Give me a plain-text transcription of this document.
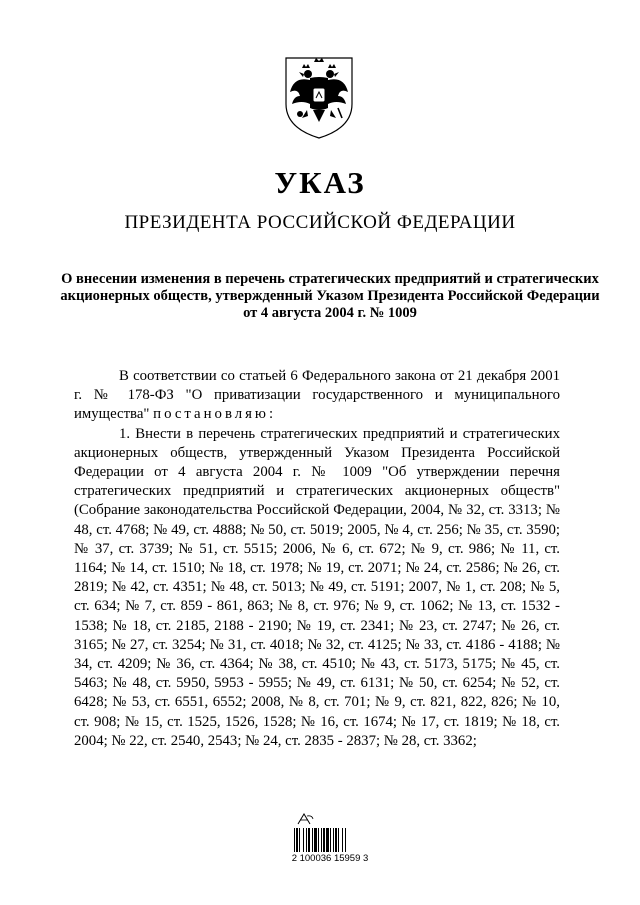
УКАЗ
ПРЕЗИДЕНТА РОССИЙСКОЙ ФЕДЕРАЦИИ
О внесении изменения в перечень стратегических предприятий и стратегических акционерных обществ, утвержденный Указом Президента Российской Федерации от 4 августа 2004 г. № 1009

В соответствии со статьей 6 Федерального закона от 21 декабря 2001 г. № 178-ФЗ "О приватизации государственного и муниципального имущества" постановляю:

1. Внести в перечень стратегических предприятий и стратегических акционерных обществ, утвержденный Указом Президента Российской Федерации от 4 августа 2004 г. № 1009 "Об утверждении перечня стратегических предприятий и стратегических акционерных обществ" (Собрание законодательства Российской Федерации, 2004, № 32, ст. 3313; № 48, ст. 4768; № 49, ст. 4888; № 50, ст. 5019; 2005, № 4, ст. 256; № 35, ст. 3590; № 37, ст. 3739; № 51, ст. 5515; 2006, № 6, ст. 672; № 9, ст. 986; № 11, ст. 1164; № 14, ст. 1510; № 18, ст. 1978; № 19, ст. 2071; № 24, ст. 2586; № 26, ст. 2819; № 42, ст. 4351; № 48, ст. 5013; № 49, ст. 5191; 2007, № 1, ст. 208; № 5, ст. 634; № 7, ст. 859 - 861, 863; № 8, ст. 976; № 9, ст. 1062; № 13, ст. 1532 - 1538; № 18, ст. 2185, 2188 - 2190; № 19, ст. 2341; № 23, ст. 2747; № 26, ст. 3165; № 27, ст. 3254; № 31, ст. 4018; № 32, ст. 4125; № 33, ст. 4186 - 4188; № 34, ст. 4209; № 36, ст. 4364; № 38, ст. 4510; № 43, ст. 5173, 5175; № 45, ст. 5463; № 48, ст. 5950, 5953 - 5955; № 49, ст. 6131; № 50, ст. 6254; № 52, ст. 6428; № 53, ст. 6551, 6552; 2008, № 8, ст. 701; № 9, ст. 821, 822, 826; № 10, ст. 908; № 15, ст. 1525, 1526, 1528; № 16, ст. 1674; № 17, ст. 1819; № 18, ст. 2004; № 22, ст. 2540, 2543; № 24, ст. 2835 - 2837; № 28, ст. 3362;

2 100036 15959 3
